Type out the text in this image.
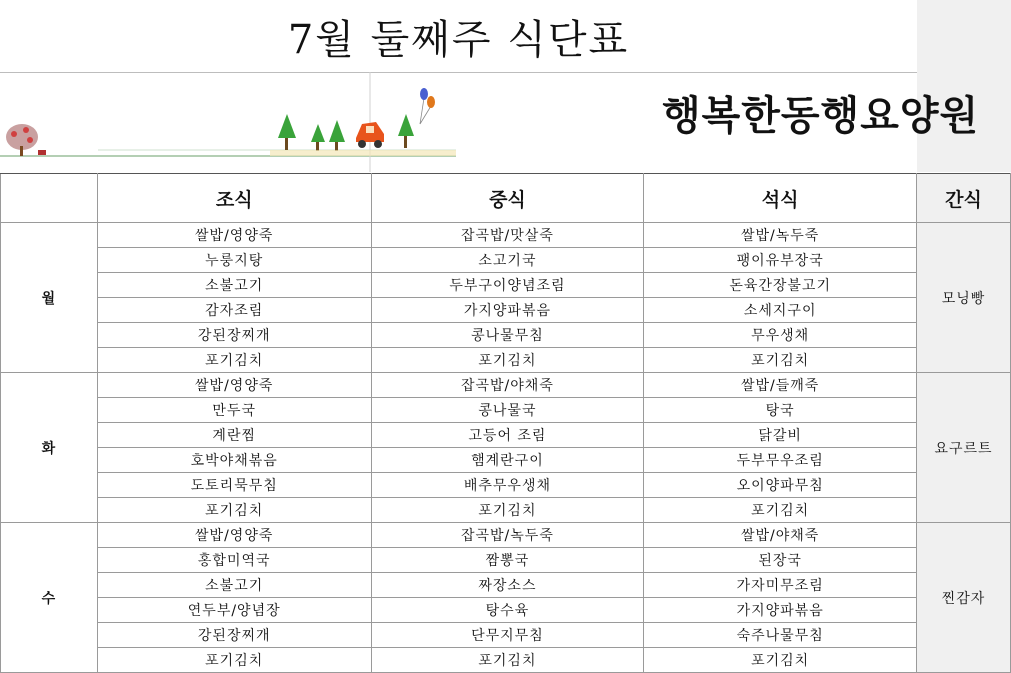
7월 둘째주 식단표
행복한동행요양원
	조식	중식	석식	간식
월	쌀밥/영양죽	잡곡밥/맛살죽	쌀밥/녹두죽	모닝빵
	누룽지탕	소고기국	팽이유부장국	
	소불고기	두부구이양념조림	돈육간장불고기	
	감자조림	가지양파볶음	소세지구이	
	강된장찌개	콩나물무침	무우생채	
	포기김치	포기김치	포기김치	
화	쌀밥/영양죽	잡곡밥/야채죽	쌀밥/들깨죽	요구르트
	만두국	콩나물국	탕국	
	계란찜	고등어 조림	닭갈비	
	호박야채볶음	햄계란구이	두부무우조림	
	도토리묵무침	배추무우생채	오이양파무침	
	포기김치	포기김치	포기김치	
수	쌀밥/영양죽	잡곡밥/녹두죽	쌀밥/야채죽	찐감자
	홍합미역국	짬뽕국	된장국	
	소불고기	짜장소스	가자미무조림	
	연두부/양념장	탕수육	가지양파볶음	
	강된장찌개	단무지무침	숙주나물무침	
	포기김치	포기김치	포기김치	
